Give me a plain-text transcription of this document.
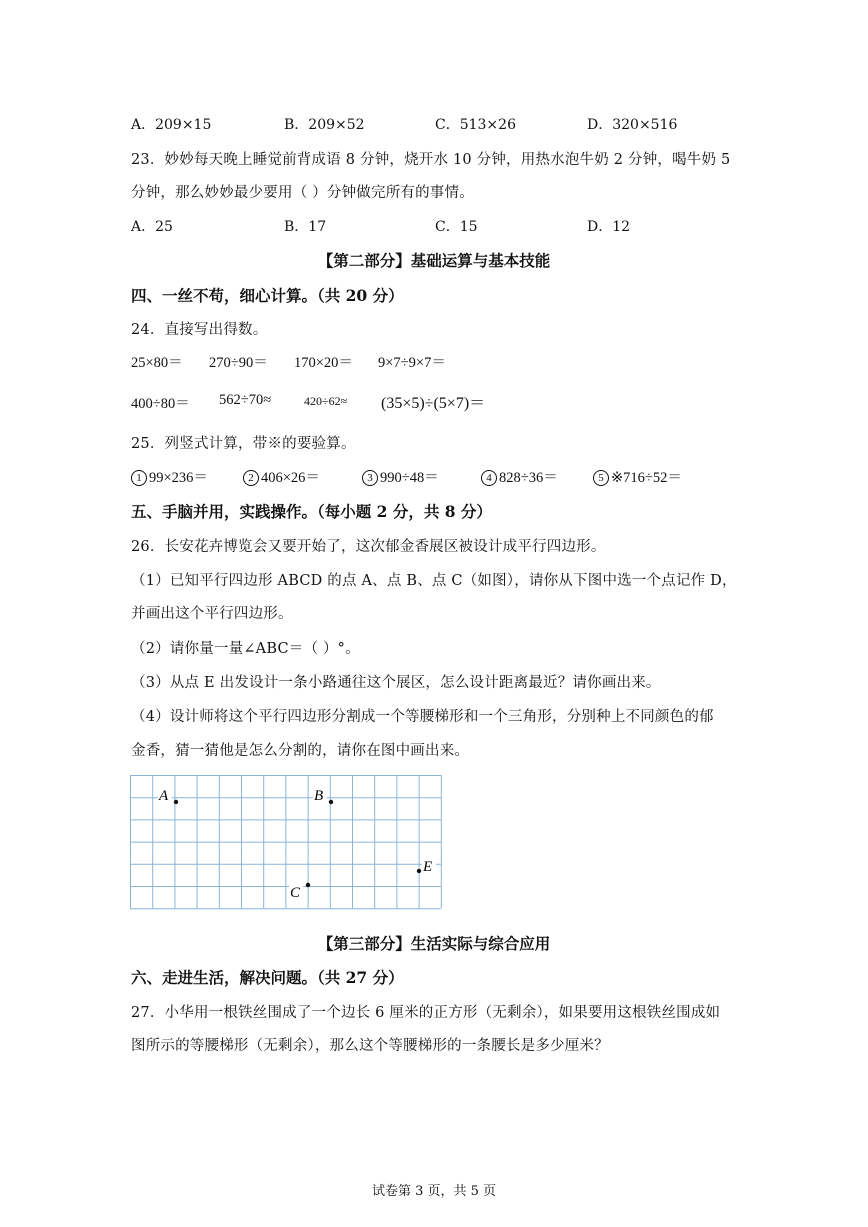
A．209×15	B．209×52	C．513×26	D．320×516
23．妙妙每天晚上睡觉前背成语 8 分钟，烧开水 10 分钟，用热水泡牛奶 2 分钟，喝牛奶 5
分钟，那么妙妙最少要用（ ）分钟做完所有的事情。
A．25	B．17	C．15	D．12
【第二部分】基础运算与基本技能
四、一丝不苟，细心计算。（共 20 分）
24．直接写出得数。
25×80＝ 270÷90＝ 170×20＝ 9×7÷9×7＝
400÷80＝ 562÷70≈	420÷62≈ (35×5)÷(5×7)＝
25．列竖式计算，带※的要验算。
1 99×236＝	2 406×26＝	3 990÷48＝	4 828÷36＝	5 ※716÷52＝
五、手脑并用，实践操作。（每小题 2 分，共 8 分）
26．长安花卉博览会又要开始了，这次郁金香展区被设计成平行四边形。
（1）已知平行四边形 ABCD 的点 A、点 B、点 C（如图），请你从下图中选一个点记作 D，
并画出这个平行四边形。
（2）请你量一量∠ABC＝（ ）°。
（3）从点 E 出发设计一条小路通往这个展区，怎么设计距离最近？请你画出来。
（4）设计师将这个平行四边形分割成一个等腰梯形和一个三角形，分别种上不同颜色的郁
金香，猜一猜他是怎么分割的，请你在图中画出来。
A	B
C
E
【第三部分】生活实际与综合应用
六、走进生活，解决问题。（共 27 分）
27．小华用一根铁丝围成了一个边长 6 厘米的正方形（无剩余），如果要用这根铁丝围成如
图所示的等腰梯形（无剩余），那么这个等腰梯形的一条腰长是多少厘米？
试卷第 3 页，共 5 页
